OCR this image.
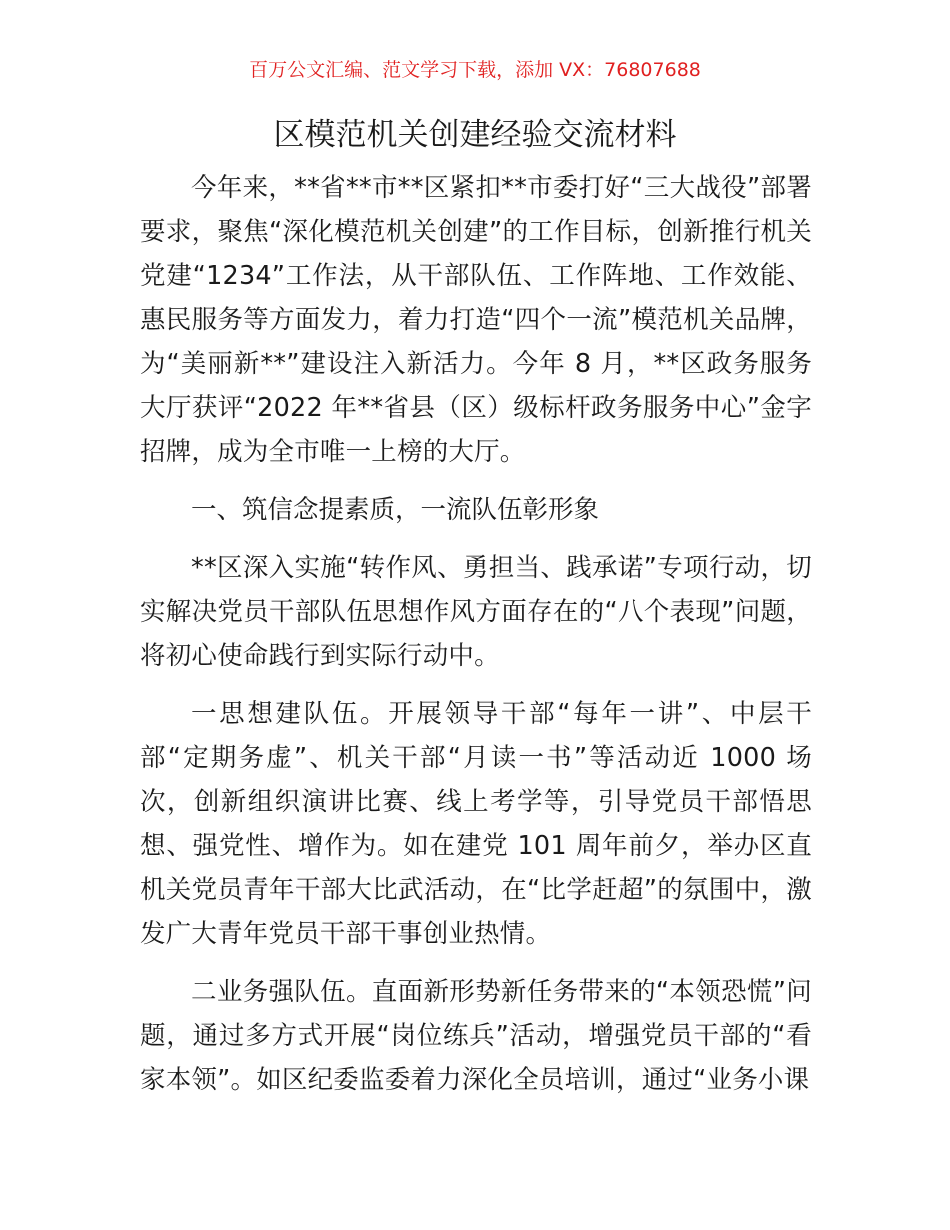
百万公文汇编、范文学习下载，添加 VX：76807688
区模范机关创建经验交流材料

今年来，**省**市**区紧扣**市委打好“三大战役”部署要求，聚焦“深化模范机关创建”的工作目标，创新推行机关党建“1234”工作法，从干部队伍、工作阵地、工作效能、惠民服务等方面发力，着力打造“四个一流”模范机关品牌，为“美丽新**”建设注入新活力。今年 8 月，**区政务服务大厅获评“2022 年**省县（区）级标杆政务服务中心”金字招牌，成为全市唯一上榜的大厅。

一、筑信念提素质，一流队伍彰形象

**区深入实施“转作风、勇担当、践承诺”专项行动，切实解决党员干部队伍思想作风方面存在的“八个表现”问题，将初心使命践行到实际行动中。

一思想建队伍。开展领导干部“每年一讲”、中层干部“定期务虚”、机关干部“月读一书”等活动近 1000 场次，创新组织演讲比赛、线上考学等，引导党员干部悟思想、强党性、增作为。如在建党 101 周年前夕，举办区直机关党员青年干部大比武活动，在“比学赶超”的氛围中，激发广大青年党员干部干事创业热情。

二业务强队伍。直面新形势新任务带来的“本领恐慌”问题，通过多方式开展“岗位练兵”活动，增强党员干部的“看家本领”。如区纪委监委着力深化全员培训，通过“业务小课
